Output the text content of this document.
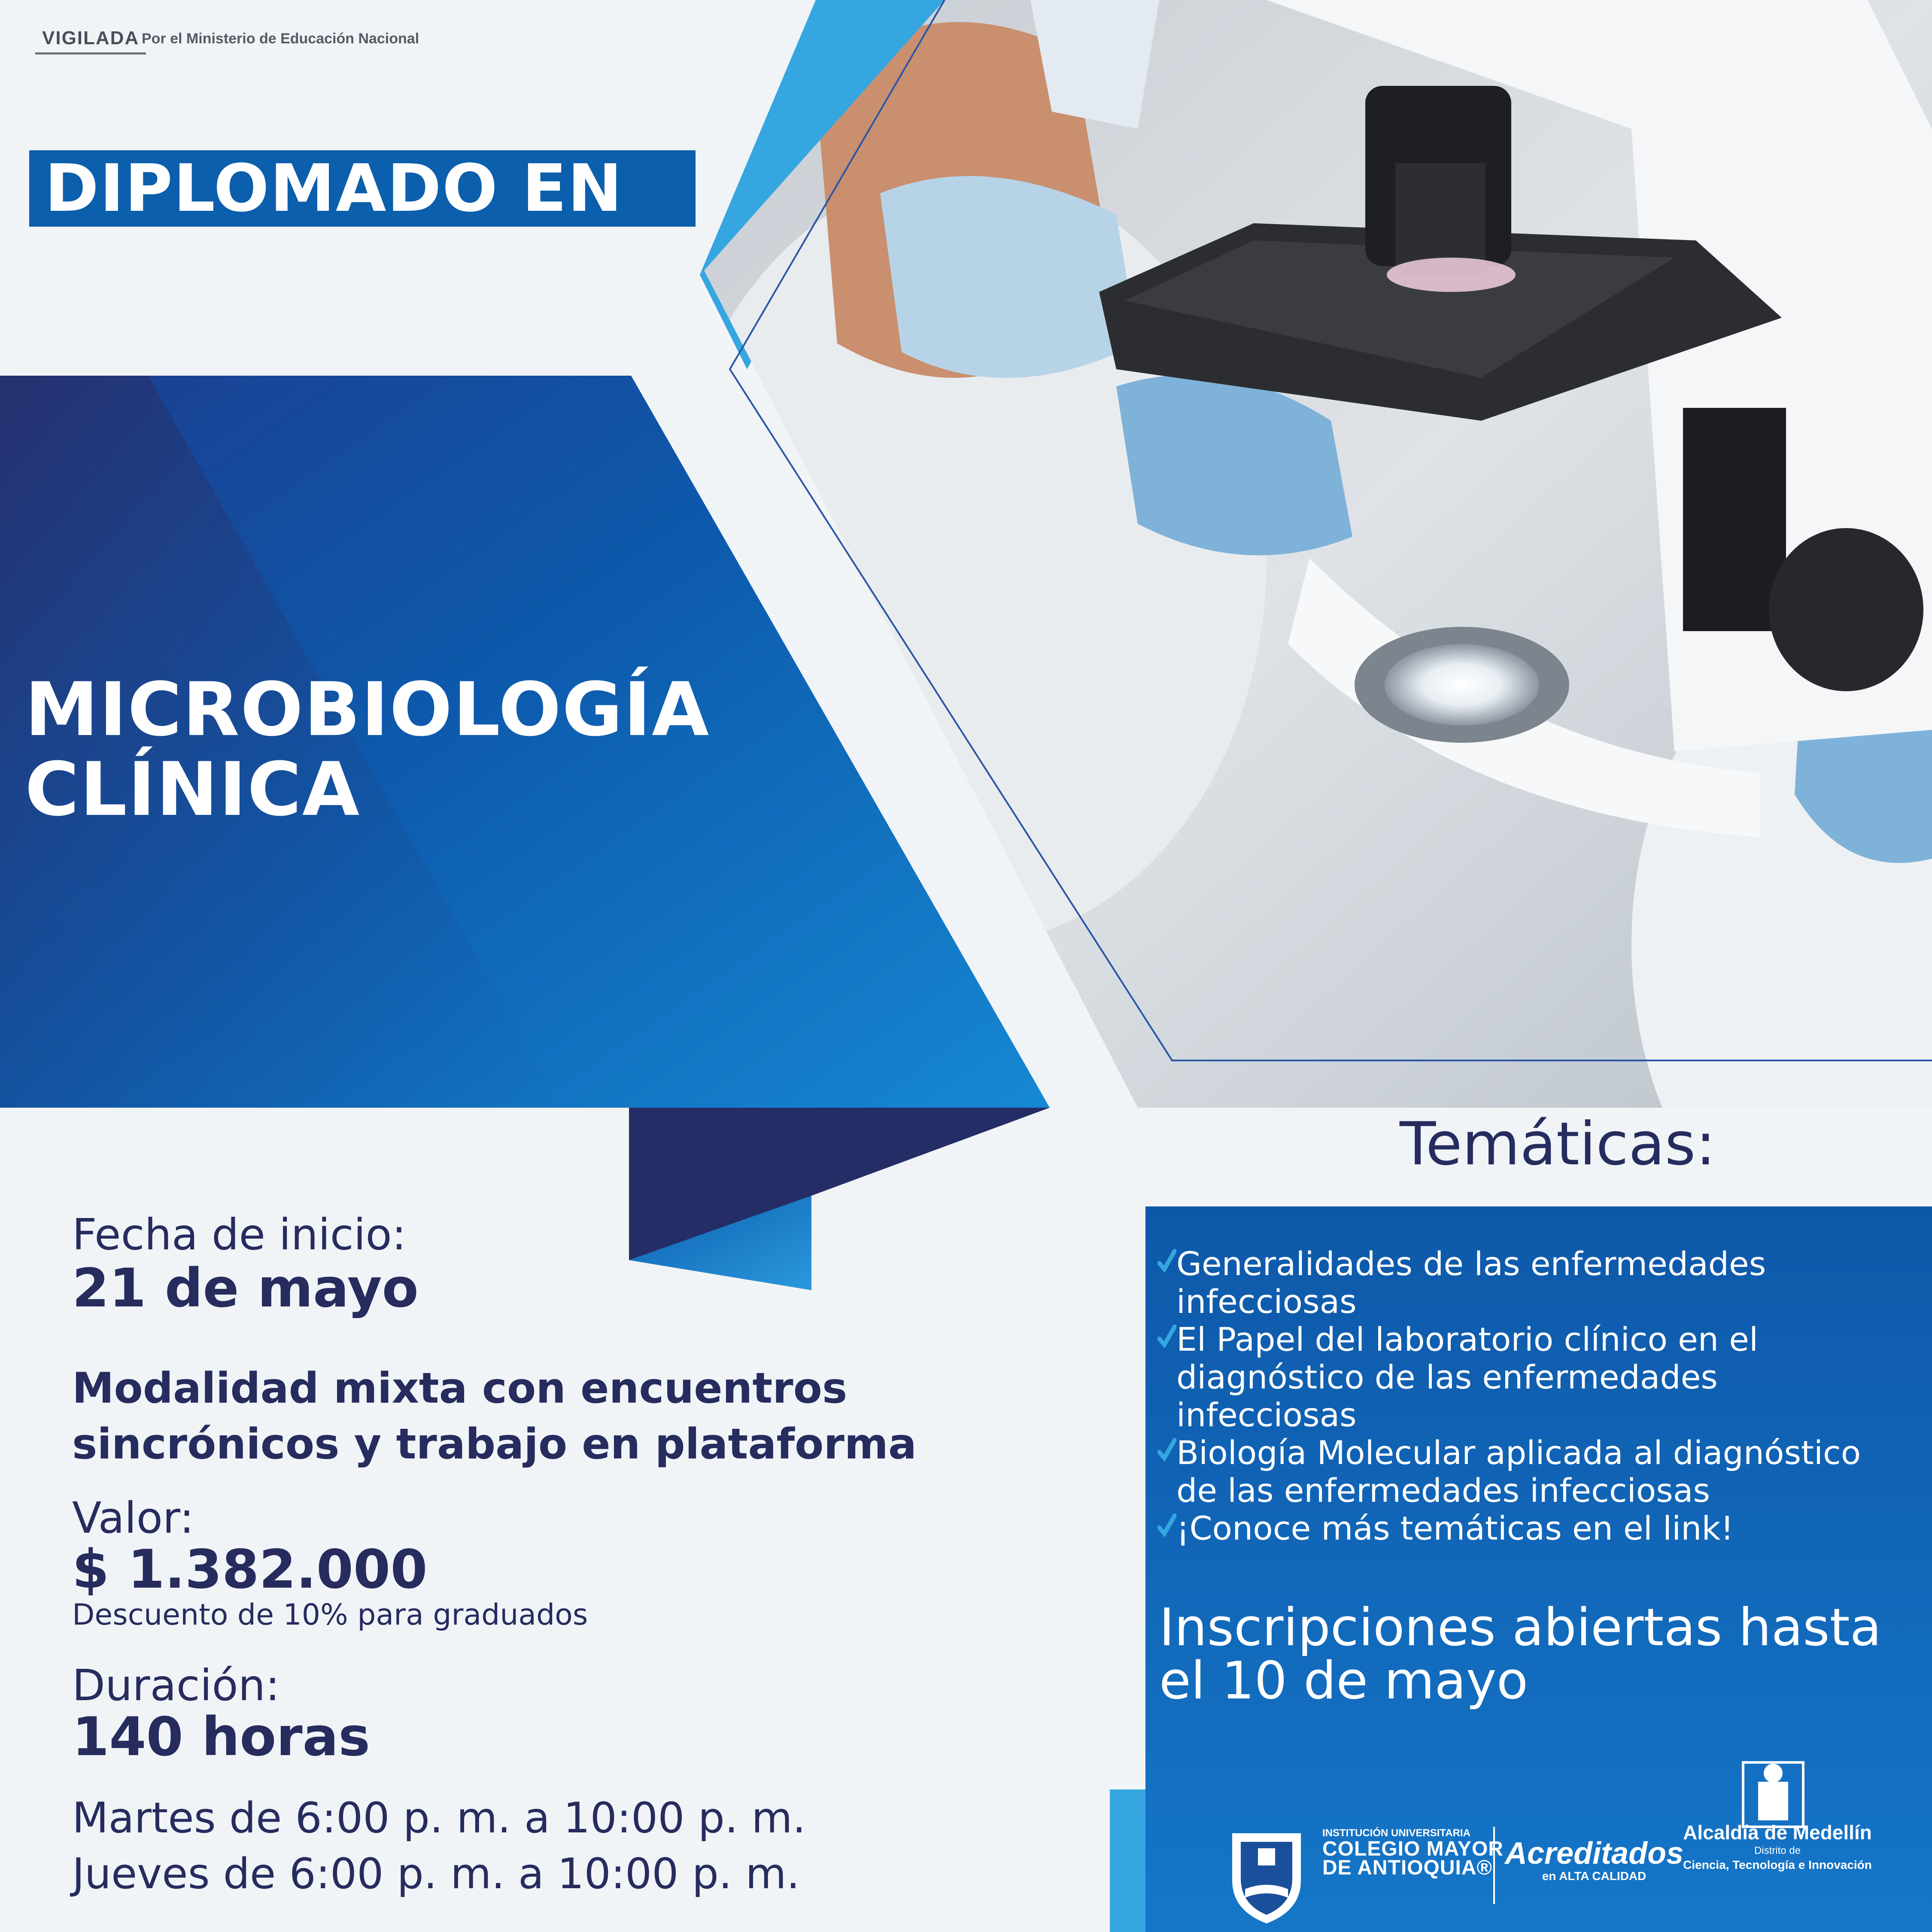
VIGILADA Por el Ministerio de Educación Nacional
DIPLOMADO EN
MICROBIOLOGÍA
CLÍNICA
Fecha de inicio:
21 de mayo
Modalidad mixta con encuentros
sincrónicos y trabajo en plataforma
Valor:
$ 1.382.000
Descuento de 10% para graduados
Duración:
140 horas
Martes de 6:00 p. m. a 10:00 p. m.
Jueves de 6:00 p. m. a 10:00 p. m.
Temáticas:
Generalidades de las enfermedades
infecciosas
El Papel del laboratorio clínico en el
diagnóstico de las enfermedades
infecciosas
Biología Molecular aplicada al diagnóstico
de las enfermedades infecciosas
¡Conoce más temáticas en el link!
Inscripciones abiertas hasta
el 10 de mayo
INSTITUCIÓN UNIVERSITARIA
COLEGIO MAYOR
DE ANTIOQUIA® Acreditados
en ALTA CALIDAD
Alcaldía de Medellín
Distrito de
Ciencia, Tecnología e Innovación
